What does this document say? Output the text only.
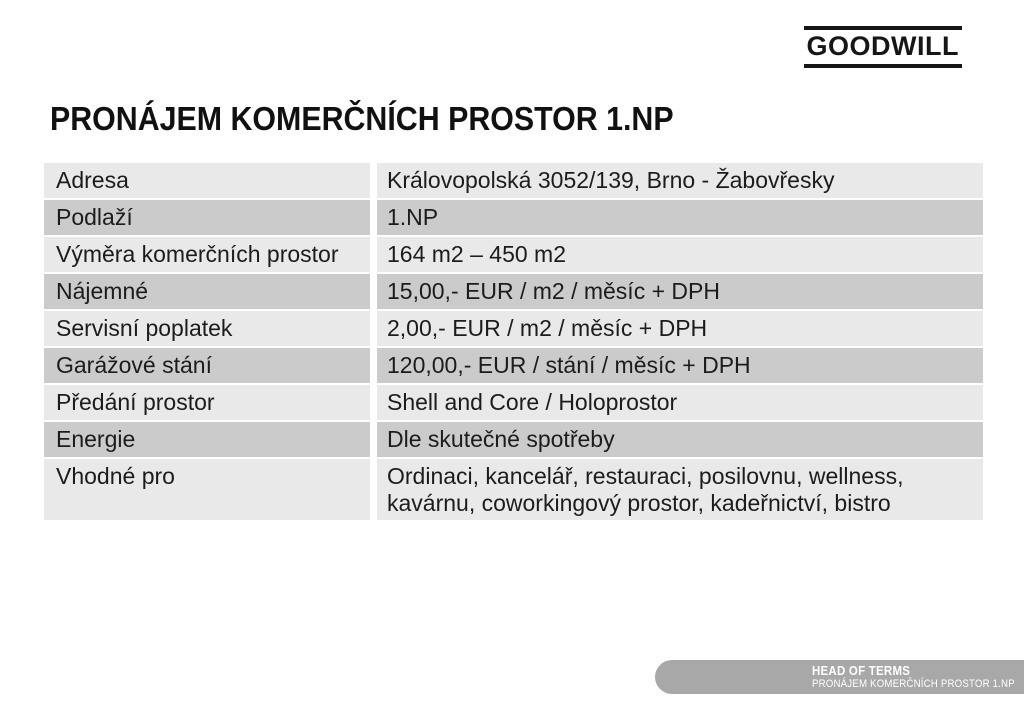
GOODWILL
PRONÁJEM KOMERČNÍCH PROSTOR 1.NP
Adresa	Královopolská 3052/139, Brno - Žabovřesky
Podlaží	1.NP
Výměra komerčních prostor	164 m2 – 450 m2
Nájemné	15,00,- EUR / m2 / měsíc + DPH
Servisní poplatek	2,00,- EUR / m2 / měsíc + DPH
Garážové stání	120,00,- EUR / stání / měsíc + DPH
Předání prostor	Shell and Core / Holoprostor
Energie	Dle skutečné spotřeby
Vhodné pro	Ordinaci, kancelář, restauraci, posilovnu, wellness, kavárnu, coworkingový prostor, kadeřnictví, bistro
HEAD OF TERMS
PRONÁJEM KOMERČNÍCH PROSTOR 1.NP
